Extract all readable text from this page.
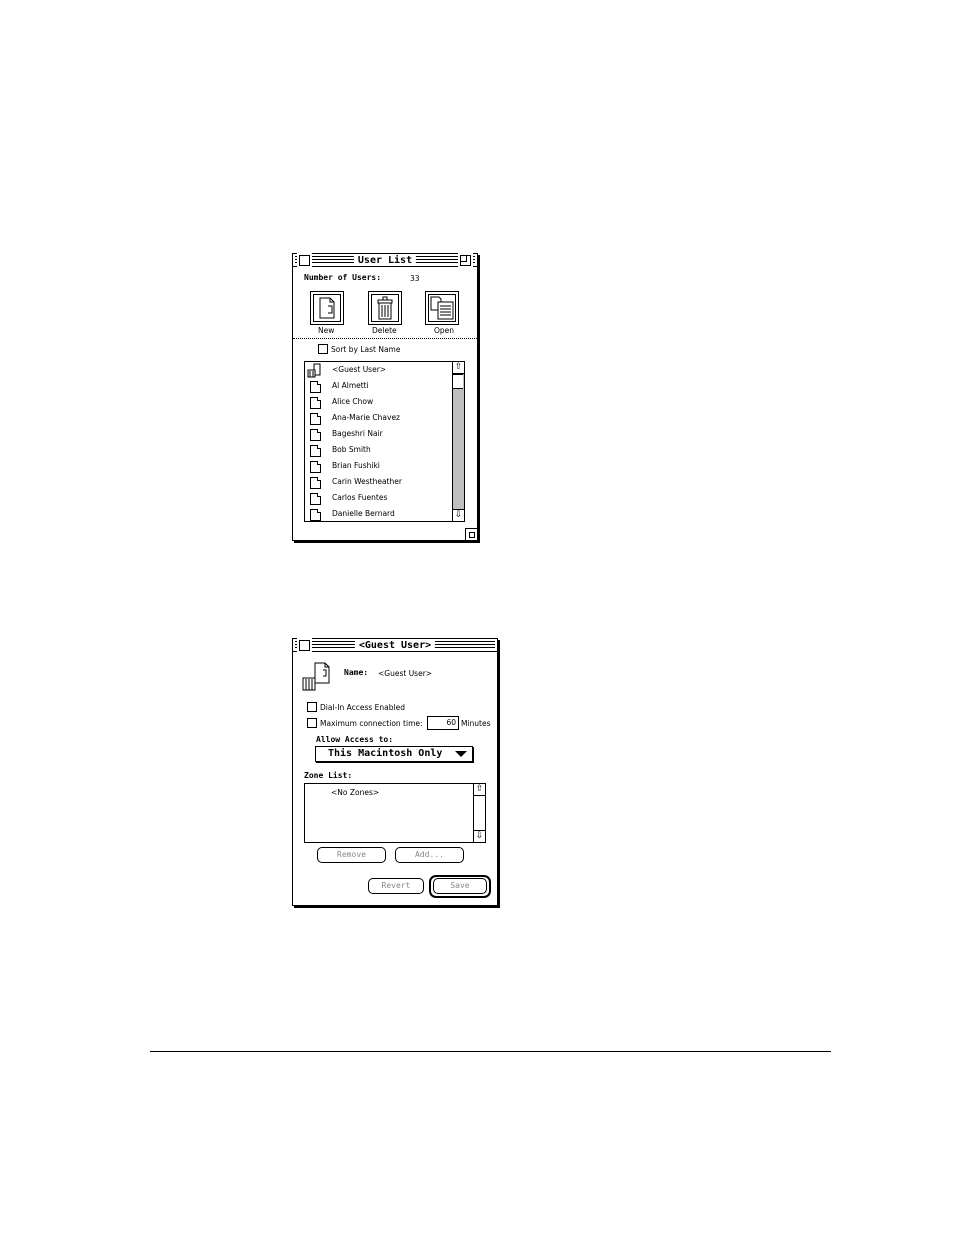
User List
Number of Users:	33
New	Delete	Open
Sort by Last Name
<Guest User>
Al Almetti
Alice Chow
Ana-Marie Chavez
Bageshri Nair
Bob Smith
Brian Fushiki
Carin Westheather
Carlos Fuentes
Danielle Bernard
⇧
⇩
<Guest User>
Name: <Guest User>
Dial-In Access Enabled
Maximum connection time:	60 Minutes
Allow Access to:
This Macintosh Only
Zone List:
<No Zones>	⇧
⇩
Remove	Add...
Revert	Save
